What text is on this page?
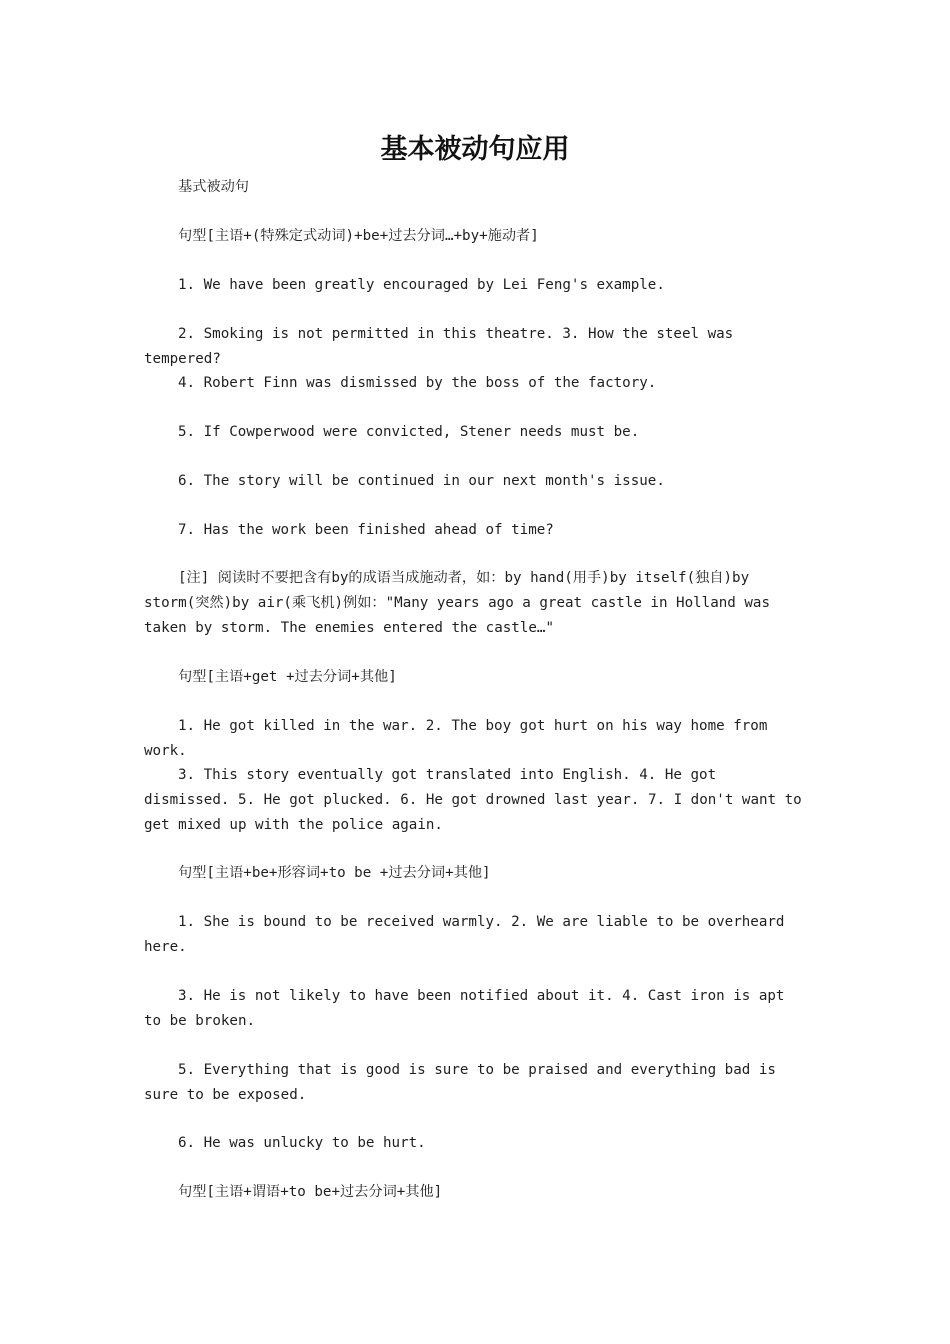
基本被动句应用

基式被动句

句型[主语+(特殊定式动词)+be+过去分词…+by+施动者]

1. We have been greatly encouraged by Lei Feng's example.

2. Smoking is not permitted in this theatre. 3. How the steel was tempered?

4. Robert Finn was dismissed by the boss of the factory.

5. If Cowperwood were convicted, Stener needs must be.

6. The story will be continued in our next month's issue.

7. Has the work been finished ahead of time?

[注] 阅读时不要把含有by的成语当成施动者，如：by hand(用手)by itself(独自)by storm(突然)by air(乘飞机)例如："Many years ago a great castle in Holland was taken by storm. The enemies entered the castle…"

句型[主语+get +过去分词+其他]

1. He got killed in the war. 2. The boy got hurt on his way home from work.

3. This story eventually got translated into English. 4. He got dismissed. 5. He got plucked. 6. He got drowned last year. 7. I don't want to get mixed up with the police again.

句型[主语+be+形容词+to be +过去分词+其他]

1. She is bound to be received warmly. 2. We are liable to be overheard here.

3. He is not likely to have been notified about it. 4. Cast iron is apt to be broken.

5. Everything that is good is sure to be praised and everything bad is sure to be exposed.

6. He was unlucky to be hurt.

句型[主语+谓语+to be+过去分词+其他]
